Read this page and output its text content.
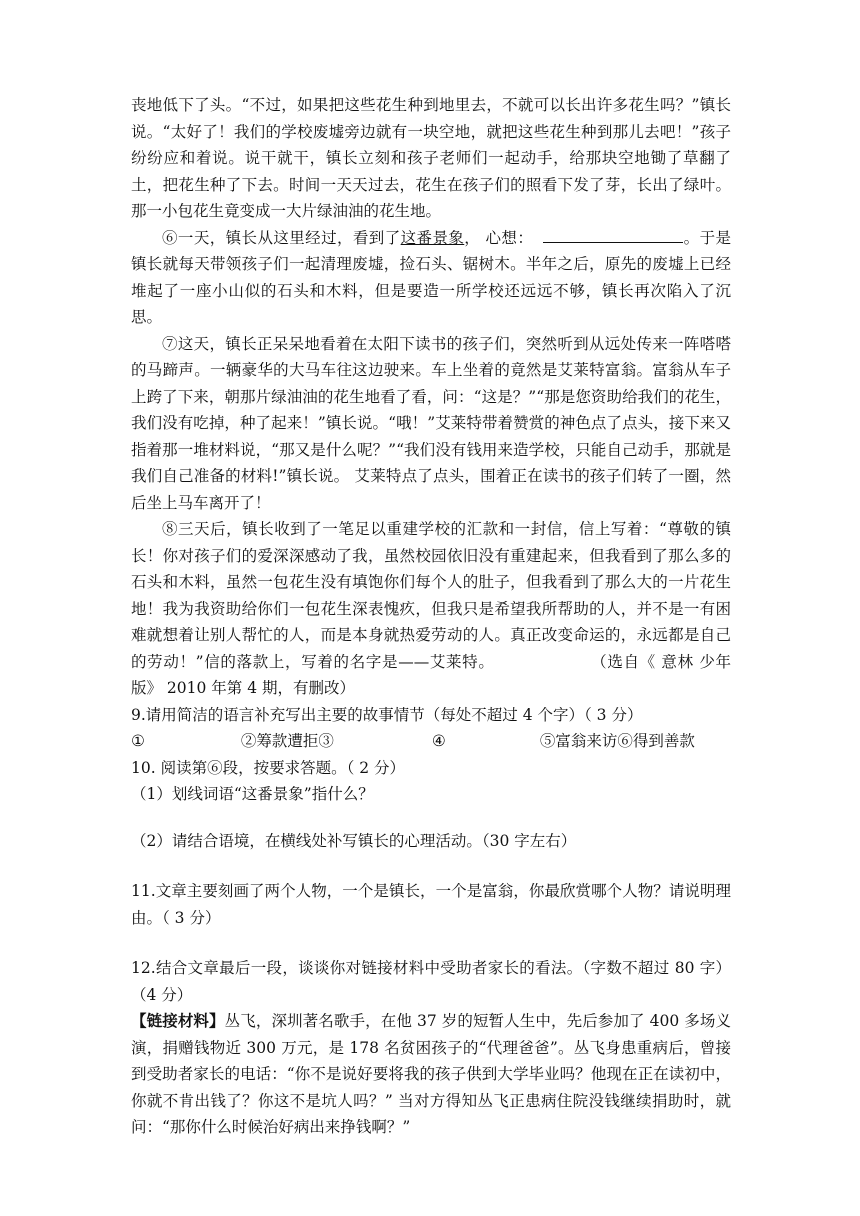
丧地低下了头。“不过，如果把这些花生种到地里去，不就可以长出许多花生吗？”镇长说。“太好了！我们的学校废墟旁边就有一块空地，就把这些花生种到那儿去吧！”孩子纷纷应和着说。说干就干，镇长立刻和孩子老师们一起动手，给那块空地锄了草翻了土，把花生种了下去。时间一天天过去，花生在孩子们的照看下发了芽，长出了绿叶。那一小包花生竟变成一大片绿油油的花生地。

⑥一天，镇长从这里经过，看到了这番景象， 心想：	。于是镇长就每天带领孩子们一起清理废墟，捡石头、锯树木。半年之后，原先的废墟上已经堆起了一座小山似的石头和木料，但是要造一所学校还远远不够，镇长再次陷入了沉思。

⑦这天，镇长正呆呆地看着在太阳下读书的孩子们，突然听到从远处传来一阵嗒嗒的马蹄声。一辆豪华的大马车往这边驶来。车上坐着的竟然是艾莱特富翁。富翁从车子上跨了下来，朝那片绿油油的花生地看了看，问：“这是？”“那是您资助给我们的花生，我们没有吃掉，种了起来！”镇长说。“哦！”艾莱特带着赞赏的神色点了点头，接下来又指着那一堆材料说，“那又是什么呢？”“我们没有钱用来造学校，只能自己动手，那就是我们自己准备的材料!”镇长说。 艾莱特点了点头，围着正在读书的孩子们转了一圈，然后坐上马车离开了！

⑧三天后，镇长收到了一笔足以重建学校的汇款和一封信，信上写着：“尊敬的镇长！你对孩子们的爱深深感动了我，虽然校园依旧没有重建起来，但我看到了那么多的石头和木料，虽然一包花生没有填饱你们每个人的肚子，但我看到了那么大的一片花生地！我为我资助给你们一包花生深表愧疚，但我只是希望我所帮助的人，并不是一有困难就想着让别人帮忙的人，而是本身就热爱劳动的人。真正改变命运的，永远都是自己的劳动！”信的落款上，写着的名字是——艾莱特。	（选自《 意林 少年版》 2010 年第 4 期，有删改）

9.请用简洁的语言补充写出主要的故事情节（每处不超过 4 个字）（ 3 分）

①	②筹款遭拒③	④	⑤富翁来访⑥得到善款

10. 阅读第⑥段，按要求答题。（ 2 分）

（1）划线词语“这番景象”指什么？

（2）请结合语境，在横线处补写镇长的心理活动。（30 字左右）

11.文章主要刻画了两个人物，一个是镇长，一个是富翁，你最欣赏哪个人物？请说明理由。（ 3 分）

12.结合文章最后一段，谈谈你对链接材料中受助者家长的看法。（字数不超过 80 字）（4 分）

【链接材料】丛飞，深圳著名歌手，在他 37 岁的短暂人生中，先后参加了 400 多场义演，捐赠钱物近 300 万元，是 178 名贫困孩子的“代理爸爸”。丛飞身患重病后，曾接到受助者家长的电话：“你不是说好要将我的孩子供到大学毕业吗？他现在正在读初中，你就不肯出钱了？你这不是坑人吗？” 当对方得知丛飞正患病住院没钱继续捐助时，就问：“那你什么时候治好病出来挣钱啊？”
